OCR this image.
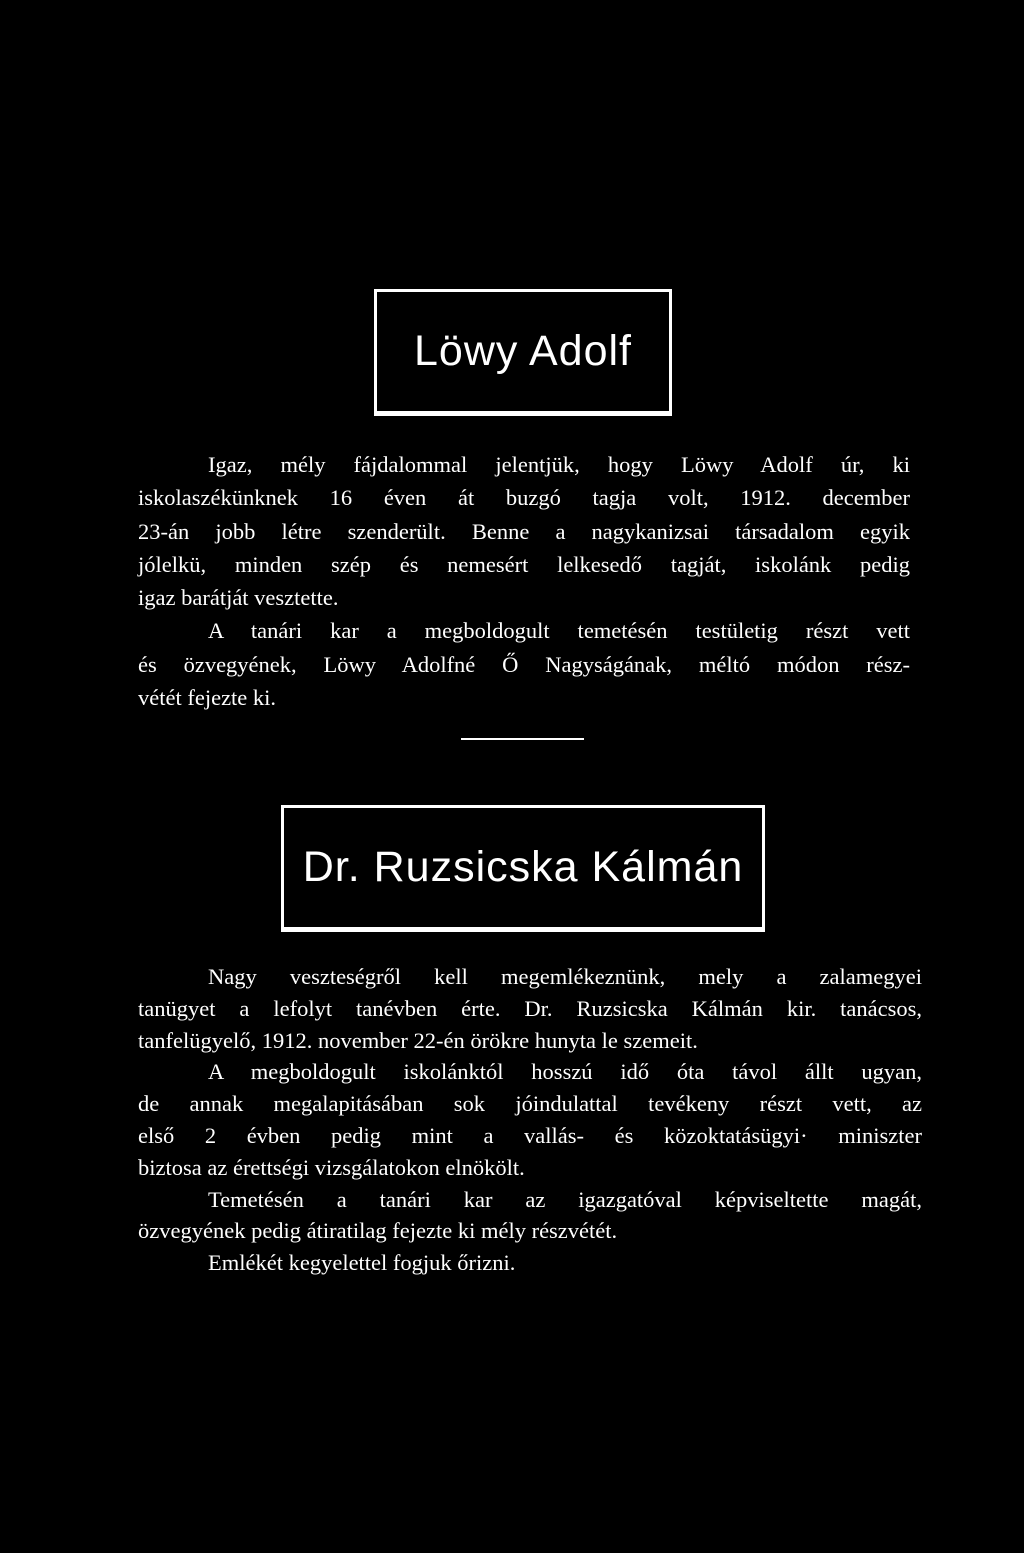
Löwy Adolf
Igaz, mély fájdalommal jelentjük, hogy Löwy Adolf úr, ki
iskolaszékünknek 16 éven át buzgó tagja volt, 1912. december
23-án jobb létre szenderült. Benne a nagykanizsai társadalom egyik
jólelkü, minden szép és nemesért lelkesedő tagját, iskolánk pedig
igaz barátját vesztette.
A tanári kar a megboldogult temetésén testületig részt vett
és özvegyének, Löwy Adolfné Ő Nagyságának, méltó módon rész-
vétét fejezte ki.
Dr. Ruzsicska Kálmán
Nagy veszteségről kell megemlékeznünk, mely a zalamegyei
tanügyet a lefolyt tanévben érte. Dr. Ruzsicska Kálmán kir. tanácsos,
tanfelügyelő, 1912. november 22-én örökre hunyta le szemeit.
A megboldogult iskolánktól hosszú idő óta távol állt ugyan,
de annak megalapitásában sok jóindulattal tevékeny részt vett, az
első 2 évben pedig mint a vallás- és közoktatásügyi· miniszter
biztosa az érettségi vizsgálatokon elnökölt.
Temetésén a tanári kar az igazgatóval képviseltette magát,
özvegyének pedig átiratilag fejezte ki mély részvétét.
Emlékét kegyelettel fogjuk őrizni.
